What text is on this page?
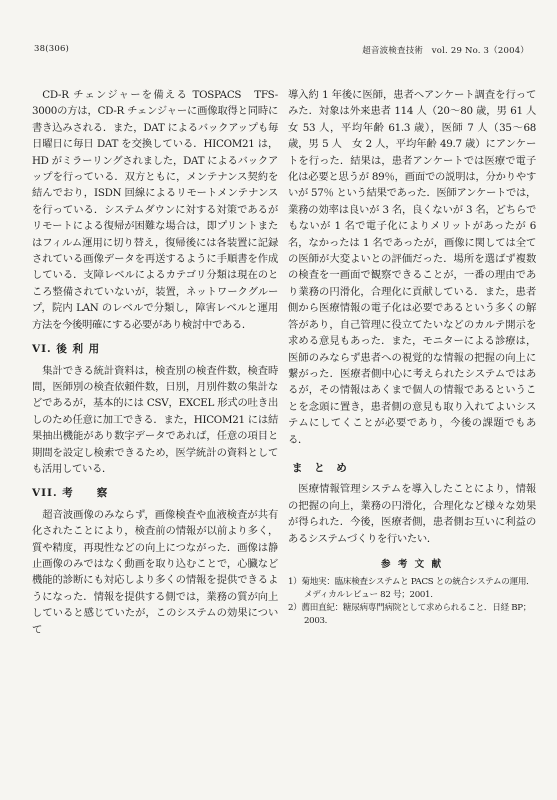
38(306)	超音波検査技術　vol. 29 No. 3（2004）

CD-R チェンジャーを備える TOSPACS　TFS-3000の方は，CD-R チェンジャーに画像取得と同時に書き込みされる．また，DAT によるバックアップも毎日曜日に毎日 DAT を交換している．HICOM21 は，HD がミラーリングされました，DAT によるバックアップを行っている．双方ともに，メンテナンス契約を結んでおり，ISDN 回線によるリモートメンテナンスを行っている．システムダウンに対する対策であるがリモートによる復帰が困難な場合は，即プリントまたはフィルム運用に切り替え，復帰後には各装置に記録されている画像データを再送するように手順書を作成している．支障レベルによるカテゴリ分類は現在のところ整備されていないが，装置，ネットワークグループ，院内 LAN のレベルで分類し，障害レベルと運用方法を今後明確にする必要があり検討中である．

VI. 後 利 用

集計できる統計資料は，検査別の検査件数，検査時間，医師別の検査依頼件数，日別，月別件数の集計などであるが，基本的には CSV，EXCEL 形式の吐き出しのため任意に加工できる．また，HICOM21 には結果抽出機能があり数字データであれば，任意の項目と期間を設定し検索できるため，医学統計の資料としても活用している．

VII. 考　　察

超音波画像のみならず，画像検査や血液検査が共有化されたことにより，検査前の情報が以前より多く，質や精度，再現性などの向上につながった．画像は静止画像のみではなく動画を取り込むことで，心臓など機能的診断にも対応しより多くの情報を提供できるようになった．情報を提供する側では，業務の質が向上していると感じていたが，このシステムの効果について

導入約 1 年後に医師，患者へアンケート調査を行ってみた．対象は外来患者 114 人（20〜80 歳，男 61 人　女 53 人，平均年齢 61.3 歳），医師 7 人（35〜68 歳，男 5 人　女 2 人，平均年齢 49.7 歳）にアンケートを行った．結果は，患者アンケートでは医療で電子化は必要と思うが 89％，画面での説明は，分かりやすいが 57％ という結果であった．医師アンケートでは，業務の効率は良いが 3 名，良くないが 3 名，どちらでもないが 1 名で電子化によりメリットがあったが 6 名，なかったは 1 名であったが，画像に関しては全ての医師が大変よいとの評価だった．場所を選ばず複数の検査を一画面で観察できることが，一番の理由であり業務の円滑化，合理化に貢献している．また，患者側から医療情報の電子化は必要であるという多くの解答があり，自己管理に役立てたいなどのカルテ開示を求める意見もあった．また，モニターによる診療は，医師のみならず患者への視覚的な情報の把握の向上に繋がった．医療者側中心に考えられたシステムではあるが，その情報はあくまで個人の情報であるということを念頭に置き，患者側の意見も取り入れてよいシステムにしてくことが必要であり，今後の課題でもある．

ま と め

医療情報管理システムを導入したことにより，情報の把握の向上，業務の円滑化，合理化など様々な効果が得られた．今後，医療者側，患者側お互いに利益のあるシステムづくりを行いたい．

参 考 文 献
1）菊地実：臨床検査システムと PACS との統合システムの運用．メディカルレビュー 82 号；2001.
2）薦田直紀：糖尿病専門病院として求められること．日経 BP；2003.
